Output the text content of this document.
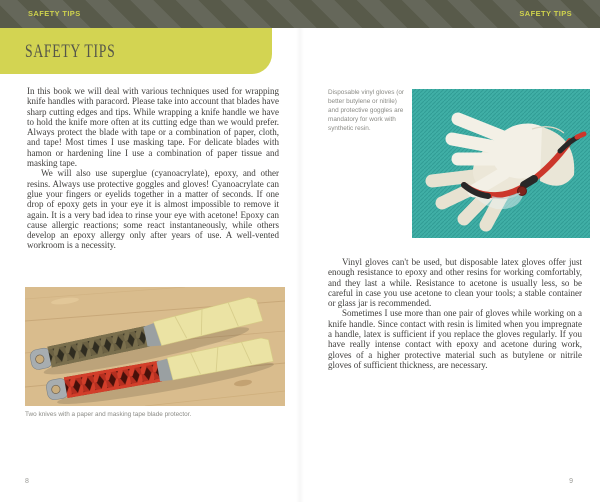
SAFETY TIPS	SAFETY TIPS
SAFETY TIPS

In this book we will deal with various techniques used for wrapping knife handles with paracord. Please take into account that blades have sharp cutting edges and tips. While wrapping a knife handle we have to hold the knife more often at its cutting edge than we would prefer. Always protect the blade with tape or a combination of paper, cloth, and tape! Most times I use masking tape. For delicate blades with hamon or hardening line I use a combination of paper tissue and masking tape.

We will also use superglue (cyanoacrylate), epoxy, and other resins. Always use protective goggles and gloves! Cyanoacrylate can glue your fingers or eyelids together in a matter of seconds. If one drop of epoxy gets in your eye it is almost impossible to remove it again. It is a very bad idea to rinse your eye with acetone! Epoxy can cause allergic reactions; some react instantaneously, while others develop an epoxy allergy only after years of use. A well-vented workroom is a necessity.

Two knives with a paper and masking tape blade protector.
Disposable vinyl gloves (or better butylene or nitrile) and protective goggles are mandatory for work with synthetic resin.

Vinyl gloves can't be used, but disposable latex gloves offer just enough resistance to epoxy and other resins for working comfortably, and they last a while. Resistance to acetone is usually less, so be careful in case you use acetone to clean your tools; a stable container or glass jar is recommended.

Sometimes I use more than one pair of gloves while working on a knife handle. Since contact with resin is limited when you impregnate a handle, latex is sufficient if you replace the gloves regularly. If you have really intense contact with epoxy and acetone during work, gloves of a higher protective material such as butylene or nitrile gloves of sufficient thickness, are necessary.

8	9
